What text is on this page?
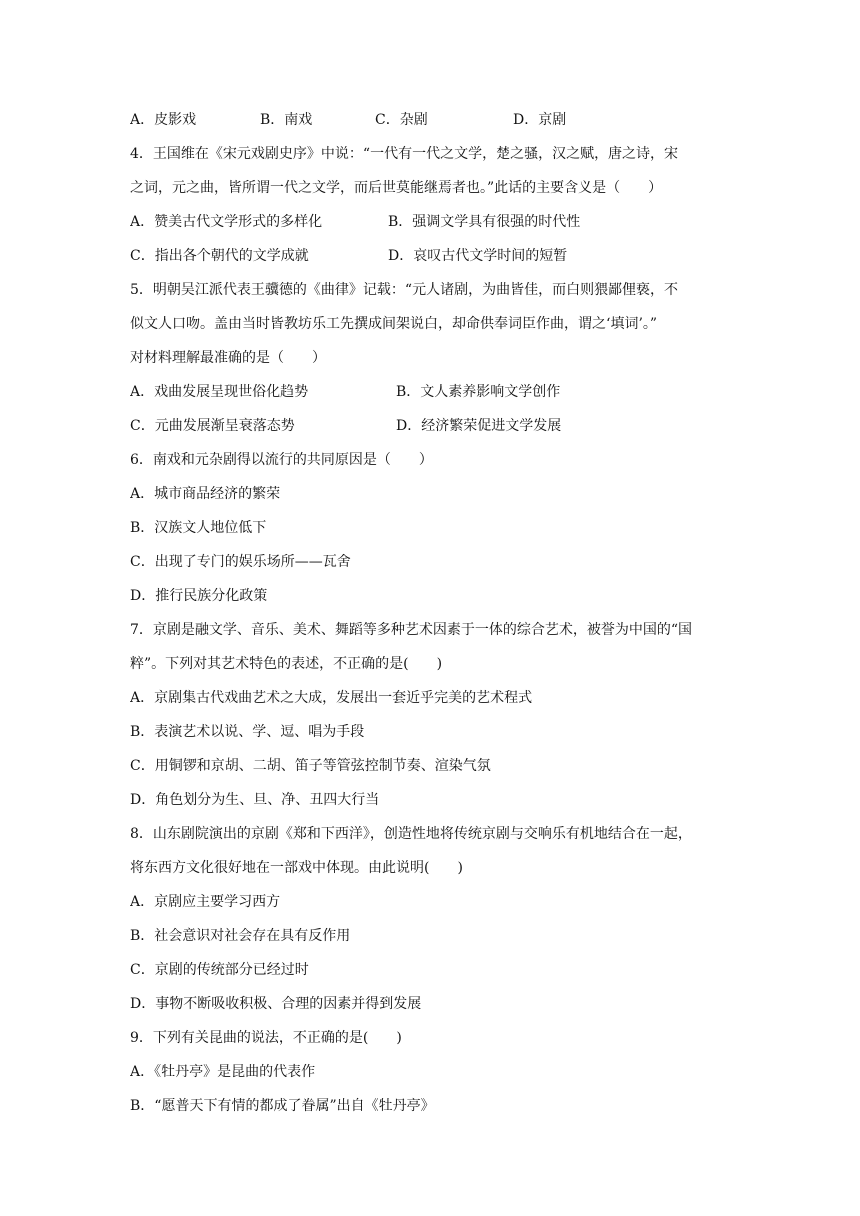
A．皮影戏	B．南戏	C．杂剧	D．京剧
4．王国维在《宋元戏剧史序》中说：“一代有一代之文学，楚之骚，汉之赋，唐之诗，宋
之词，元之曲，皆所谓一代之文学，而后世莫能继焉者也。”此话的主要含义是（　　）
A．赞美古代文学形式的多样化	B．强调文学具有很强的时代性
C．指出各个朝代的文学成就	D．哀叹古代文学时间的短暂
5．明朝吴江派代表王骥德的《曲律》记载：“元人诸剧，为曲皆佳，而白则猥鄙俚亵，不
似文人口吻。盖由当时皆教坊乐工先撰成间架说白，却命供奉词臣作曲，谓之‘填词’。”
对材料理解最准确的是（　　）
A．戏曲发展呈现世俗化趋势	B．文人素养影响文学创作
C．元曲发展渐呈衰落态势	D．经济繁荣促进文学发展
6．南戏和元杂剧得以流行的共同原因是（　　）
A．城市商品经济的繁荣
B．汉族文人地位低下
C．出现了专门的娱乐场所——瓦舍
D．推行民族分化政策
7．京剧是融文学、音乐、美术、舞蹈等多种艺术因素于一体的综合艺术，被誉为中国的“国
粹”。下列对其艺术特色的表述，不正确的是(　　)
A．京剧集古代戏曲艺术之大成，发展出一套近乎完美的艺术程式
B．表演艺术以说、学、逗、唱为手段
C．用铜锣和京胡、二胡、笛子等管弦控制节奏、渲染气氛
D．角色划分为生、旦、净、丑四大行当
8．山东剧院演出的京剧《郑和下西洋》，创造性地将传统京剧与交响乐有机地结合在一起，
将东西方文化很好地在一部戏中体现。由此说明(　　)
A．京剧应主要学习西方
B．社会意识对社会存在具有反作用
C．京剧的传统部分已经过时
D．事物不断吸收积极、合理的因素并得到发展
9．下列有关昆曲的说法，不正确的是(　　)
A．《牡丹亭》是昆曲的代表作
B．“愿普天下有情的都成了眷属”出自《牡丹亭》
